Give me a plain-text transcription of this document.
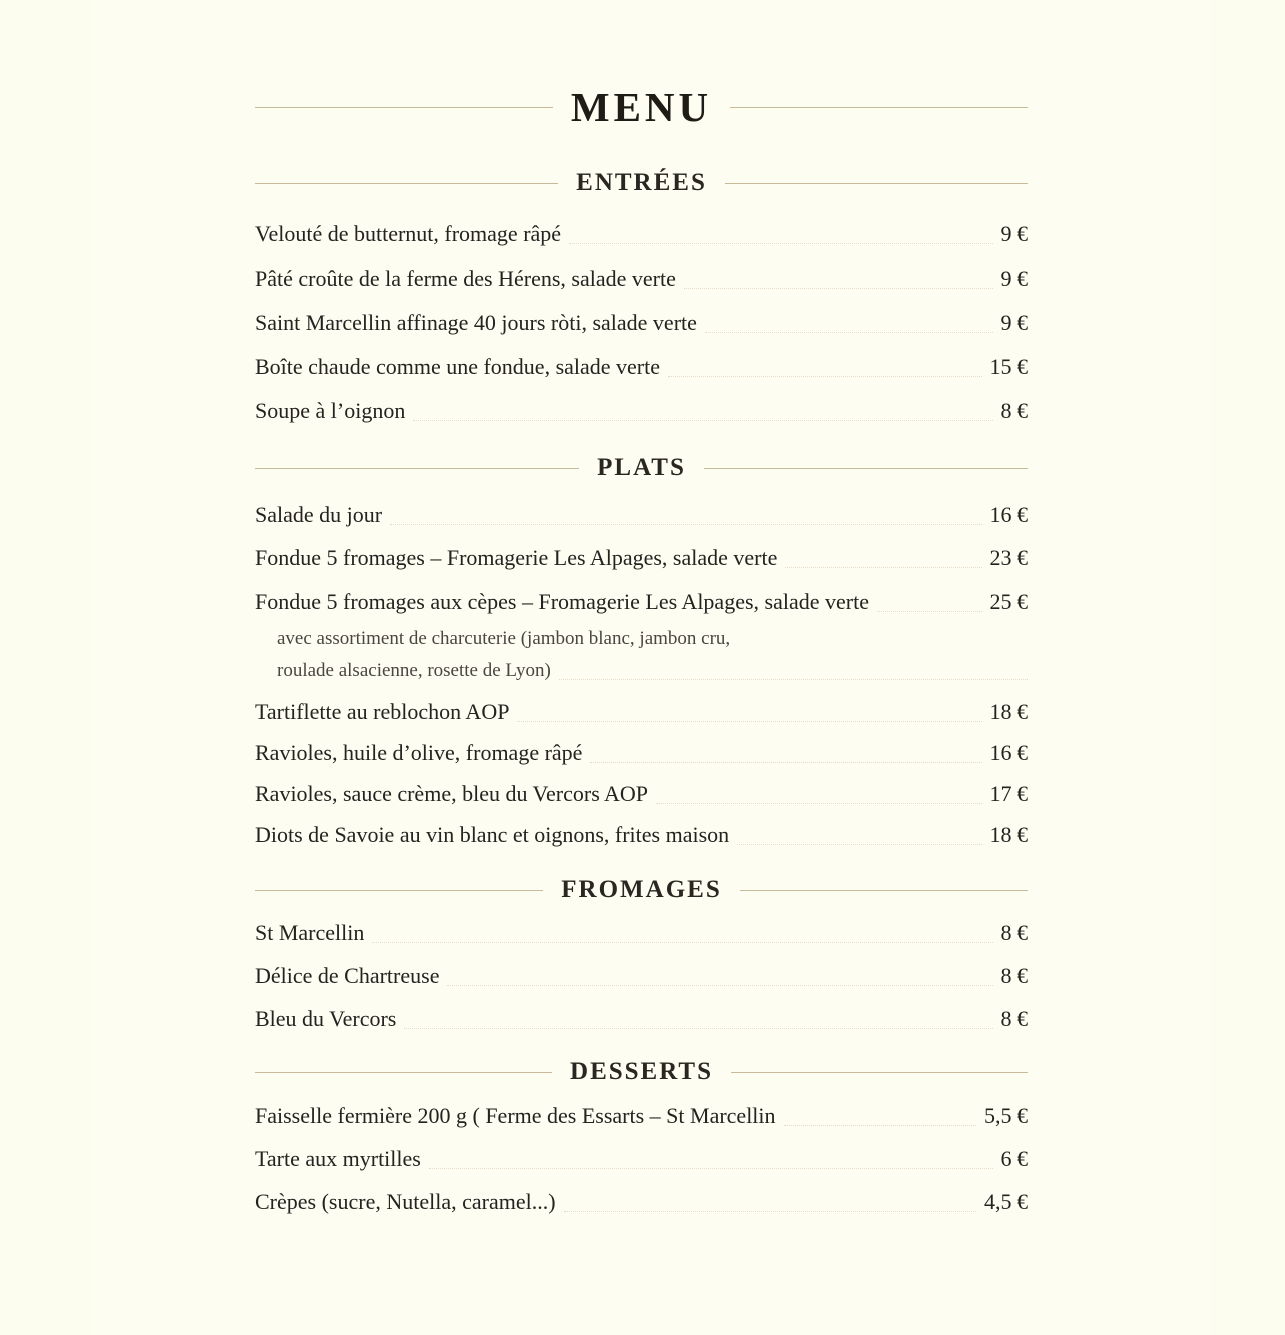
MENU
ENTRÉES
Velouté de butternut, fromage râpé	9 €
Pâté croûte de la ferme des Hérens, salade verte	9 €
Saint Marcellin affinage 40 jours ròti, salade verte	9 €
Boîte chaude comme une fondue, salade verte	15 €
Soupe à l’oignon	8 €
PLATS
Salade du jour	16 €
Fondue 5 fromages – Fromagerie Les Alpages, salade verte	23 €
Fondue 5 fromages aux cèpes – Fromagerie Les Alpages, salade verte	25 €
avec assortiment de charcuterie (jambon blanc, jambon cru,
roulade alsacienne, rosette de Lyon)
Tartiflette au reblochon AOP	18 €
Ravioles, huile d’olive, fromage râpé	16 €
Ravioles, sauce crème, bleu du Vercors AOP	17 €
Diots de Savoie au vin blanc et oignons, frites maison	18 €
FROMAGES
St Marcellin	8 €
Délice de Chartreuse	8 €
Bleu du Vercors	8 €
DESSERTS
Faisselle fermière 200 g ( Ferme des Essarts – St Marcellin	5,5 €
Tarte aux myrtilles	6 €
Crèpes (sucre, Nutella, caramel...)	4,5 €
